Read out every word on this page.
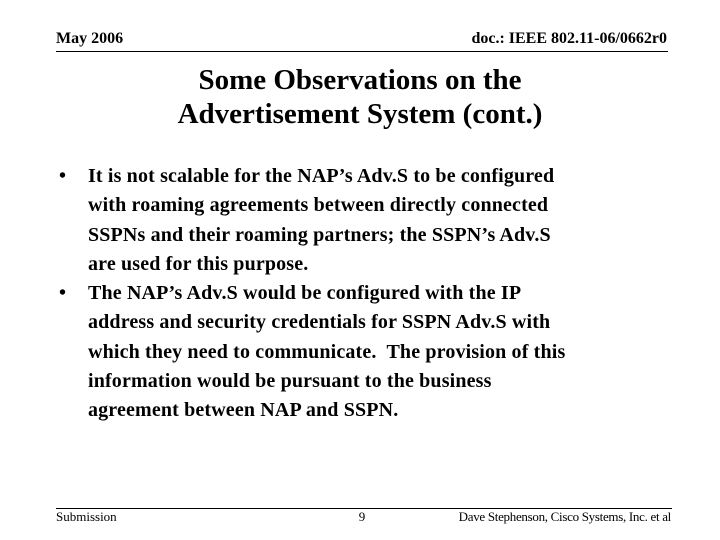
May 2006	doc.: IEEE 802.11-06/0662r0
Some Observations on the
Advertisement System (cont.)
•	It is not scalable for the NAP’s Adv.S to be configured
with roaming agreements between directly connected
SSPNs and their roaming partners; the SSPN’s Adv.S
are used for this purpose.
•	The NAP’s Adv.S would be configured with the IP
address and security credentials for SSPN Adv.S with
which they need to communicate.  The provision of this
information would be pursuant to the business
agreement between NAP and SSPN.
Submission	9	Dave Stephenson, Cisco Systems, Inc. et al
